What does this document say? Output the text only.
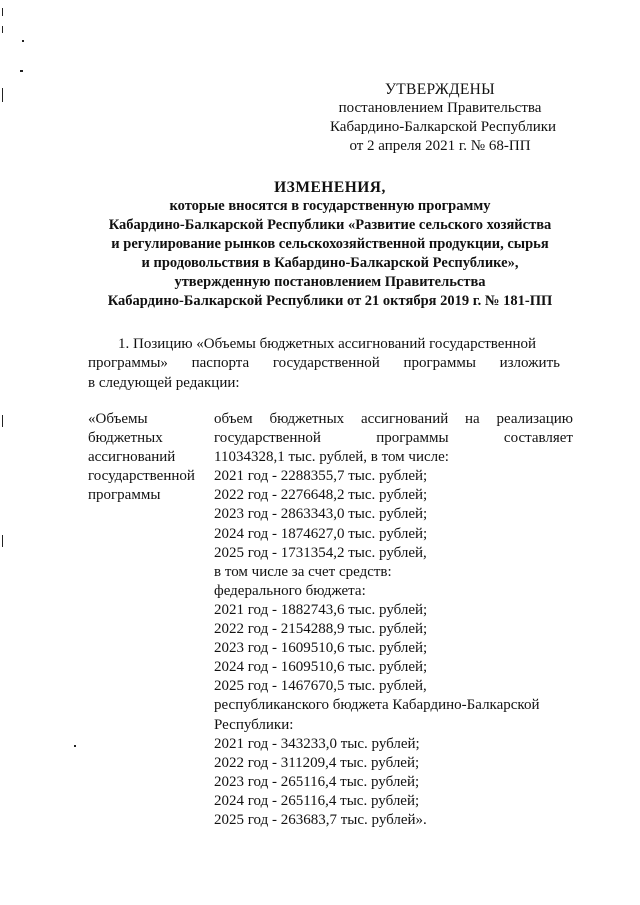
УТВЕРЖДЕНЫ
постановлением Правительства
Кабардино-Балкарской Республики
от 2 апреля 2021 г. № 68-ПП
ИЗМЕНЕНИЯ,
которые вносятся в государственную программу
Кабардино-Балкарской Республики «Развитие сельского хозяйства
и регулирование рынков сельскохозяйственной продукции, сырья
и продовольствия в Кабардино-Балкарской Республике»,
утвержденную постановлением Правительства
Кабардино-Балкарской Республики от 21 октября 2019 г. № 181-ПП
1. Позицию «Объемы бюджетных ассигнований государственной
программы» паспорта государственной программы изложить
в следующей редакции:
«Объемы
бюджетных
ассигнований
государственной
программы
объем бюджетных ассигнований на реализацию
государственной	программы	составляет
11034328,1 тыс. рублей, в том числе:
2021 год - 2288355,7 тыс. рублей;
2022 год - 2276648,2 тыс. рублей;
2023 год - 2863343,0 тыс. рублей;
2024 год - 1874627,0 тыс. рублей;
2025 год - 1731354,2 тыс. рублей,
в том числе за счет средств:
федерального бюджета:
2021 год - 1882743,6 тыс. рублей;
2022 год - 2154288,9 тыс. рублей;
2023 год - 1609510,6 тыс. рублей;
2024 год - 1609510,6 тыс. рублей;
2025 год - 1467670,5 тыс. рублей,
республиканского бюджета Кабардино-Балкарской
Республики:
2021 год - 343233,0 тыс. рублей;
2022 год - 311209,4 тыс. рублей;
2023 год - 265116,4 тыс. рублей;
2024 год - 265116,4 тыс. рублей;
2025 год - 263683,7 тыс. рублей».
